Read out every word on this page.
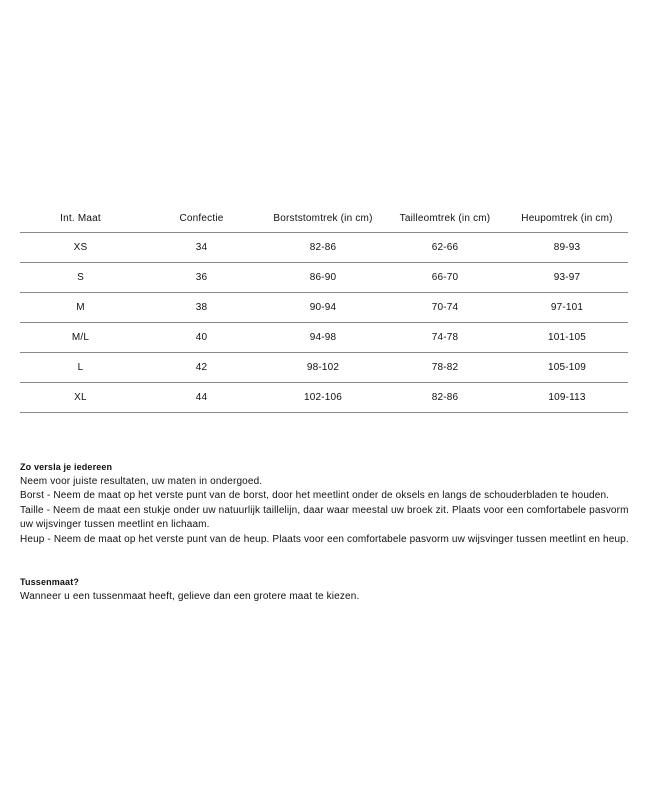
Int. Maat	Confectie	Borststomtrek (in cm)	Tailleomtrek (in cm)	Heupomtrek (in cm)
XS	34	82-86	62-66	89-93
S	36	86-90	66-70	93-97
M	38	90-94	70-74	97-101
M/L	40	94-98	74-78	101-105
L	42	98-102	78-82	105-109
XL	44	102-106	82-86	109-113

Zo versla je iedereen

Neem voor juiste resultaten, uw maten in ondergoed.

Borst - Neem de maat op het verste punt van de borst, door het meetlint onder de oksels en langs de schouderbladen te houden.

Taille - Neem de maat een stukje onder uw natuurlijk taillelijn, daar waar meestal uw broek zit. Plaats voor een comfortabele pasvorm uw wijsvinger tussen meetlint en lichaam.

Heup - Neem de maat op het verste punt van de heup. Plaats voor een comfortabele pasvorm uw wijsvinger tussen meetlint en heup.

Tussenmaat?

Wanneer u een tussenmaat heeft, gelieve dan een grotere maat te kiezen.
